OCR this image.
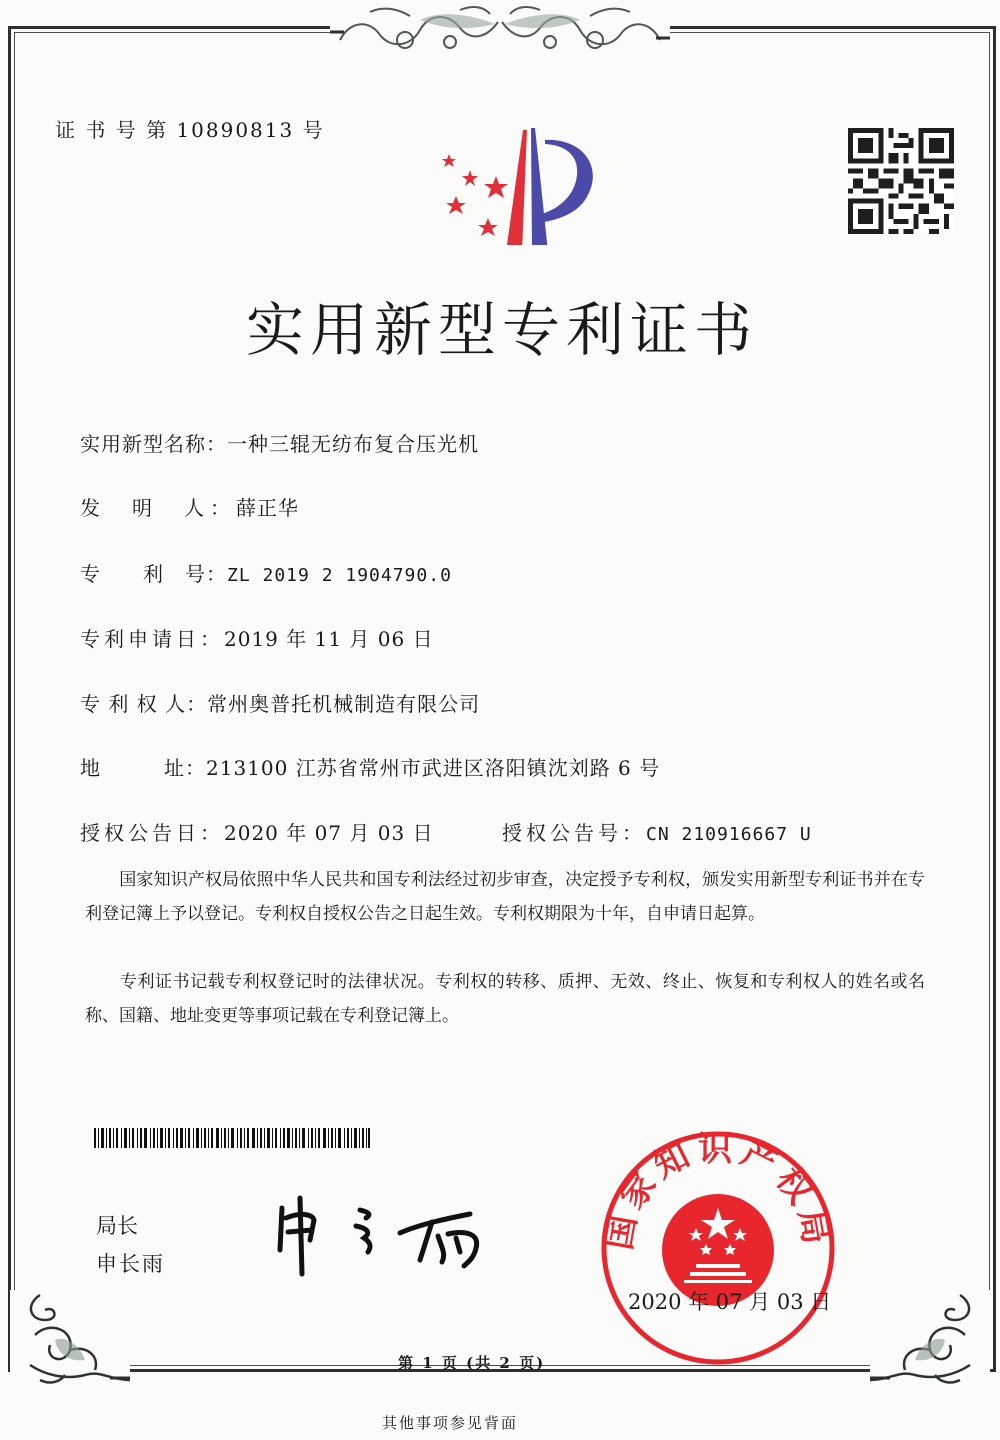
证 书 号 第 10890813 号
实用新型专利证书
实用新型名称：一种三辊无纺布复合压光机
发　明　人：薛正华
专　　利　号：ZL 2019 2 1904790.0
专利申请日：2019 年 11 月 06 日
专 利 权 人：常州奥普托机械制造有限公司
地　　　址：213100 江苏省常州市武进区洛阳镇沈刘路 6 号
授权公告日：2020 年 07 月 03 日	授权公告号：CN 210916667 U
　　国家知识产权局依照中华人民共和国专利法经过初步审查，决定授予专利权，颁发实用新型专利证书并在专利登记簿上予以登记。专利权自授权公告之日起生效。专利权期限为十年，自申请日起算。
　　专利证书记载专利权登记时的法律状况。专利权的转移、质押、无效、终止、恢复和专利权人的姓名或名称、国籍、地址变更等事项记载在专利登记簿上。
局长
申长雨
国家知识产权局
2020 年 07 月 03 日
第 1 页 (共 2 页)
其他事项参见背面
